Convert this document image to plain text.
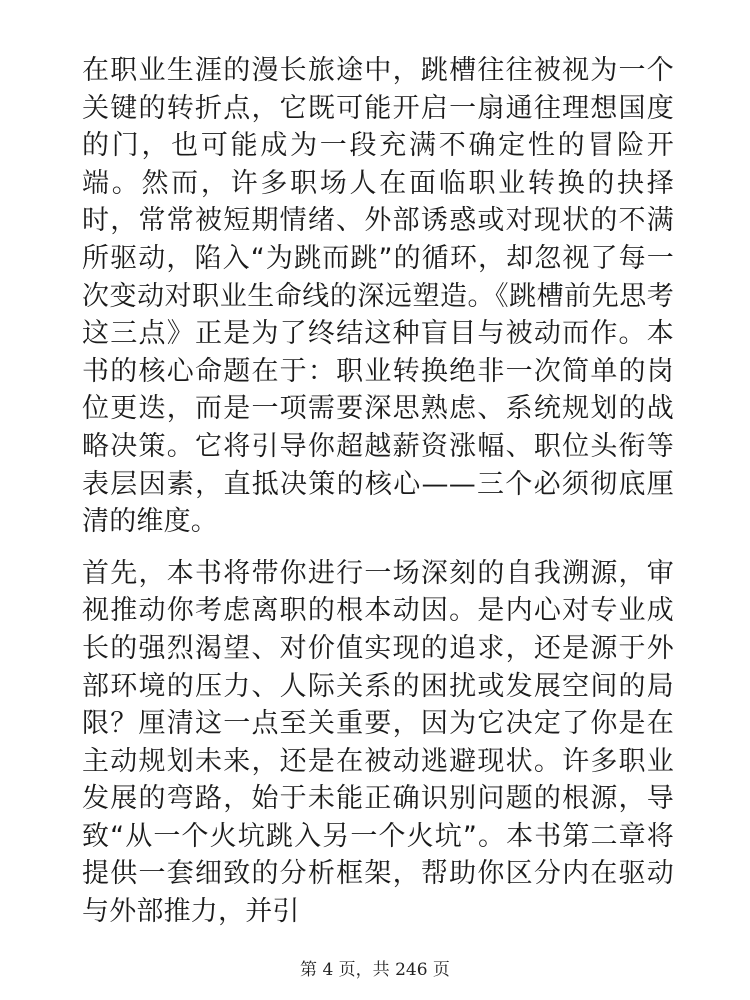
在职业生涯的漫长旅途中，跳槽往往被视为一个关键的转折点，它既可能开启一扇通往理想国度的门，也可能成为一段充满不确定性的冒险开端。然而，许多职场人在面临职业转换的抉择时，常常被短期情绪、外部诱惑或对现状的不满所驱动，陷入“为跳而跳”的循环，却忽视了每一次变动对职业生命线的深远塑造。《跳槽前先思考这三点》正是为了终结这种盲目与被动而作。本书的核心命题在于：职业转换绝非一次简单的岗位更迭，而是一项需要深思熟虑、系统规划的战略决策。它将引导你超越薪资涨幅、职位头衔等表层因素，直抵决策的核心——三个必须彻底厘清的维度。

首先，本书将带你进行一场深刻的自我溯源，审视推动你考虑离职的根本动因。是内心对专业成长的强烈渴望、对价值实现的追求，还是源于外部环境的压力、人际关系的困扰或发展空间的局限？厘清这一点至关重要，因为它决定了你是在主动规划未来，还是在被动逃避现状。许多职业发展的弯路，始于未能正确识别问题的根源，导致“从一个火坑跳入另一个火坑”。本书第二章将提供一套细致的分析框架，帮助你区分内在驱动与外部推力，并引

第 4 页，共 246 页
